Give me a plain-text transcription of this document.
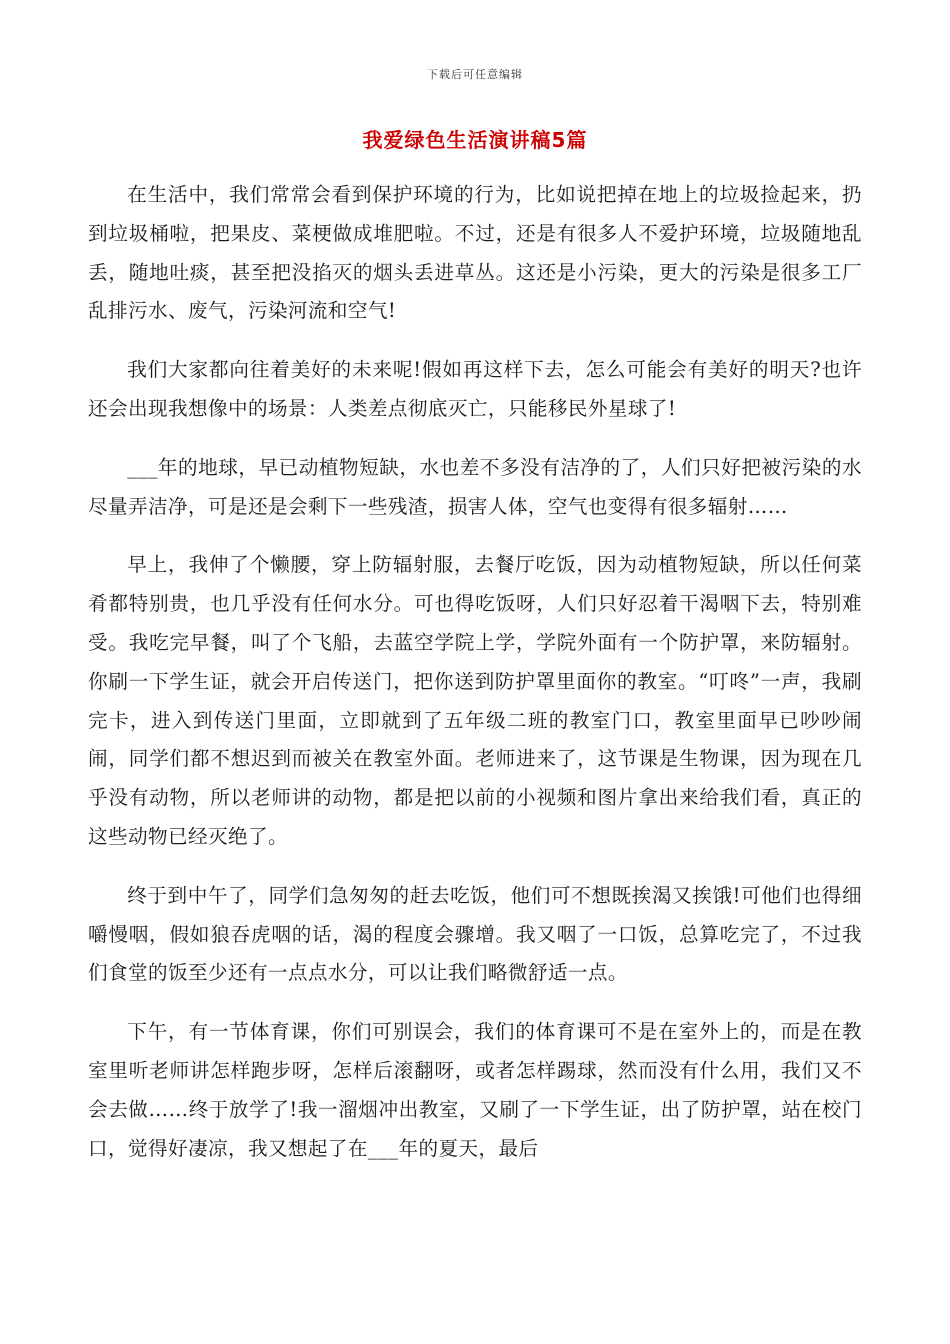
下载后可任意编辑
我爱绿色生活演讲稿5篇

在生活中，我们常常会看到保护环境的行为，比如说把掉在地上的垃圾捡起来，扔到垃圾桶啦，把果皮、菜梗做成堆肥啦。不过，还是有很多人不爱护环境，垃圾随地乱丢，随地吐痰，甚至把没掐灭的烟头丢进草丛。这还是小污染，更大的污染是很多工厂乱排污水、废气，污染河流和空气!

我们大家都向往着美好的未来呢!假如再这样下去，怎么可能会有美好的明天?也许还会出现我想像中的场景：人类差点彻底灭亡，只能移民外星球了!

___年的地球，早已动植物短缺，水也差不多没有洁净的了，人们只好把被污染的水尽量弄洁净，可是还是会剩下一些残渣，损害人体，空气也变得有很多辐射……

早上，我伸了个懒腰，穿上防辐射服，去餐厅吃饭，因为动植物短缺，所以任何菜肴都特别贵，也几乎没有任何水分。可也得吃饭呀，人们只好忍着干渴咽下去，特别难受。我吃完早餐，叫了个飞船，去蓝空学院上学，学院外面有一个防护罩，来防辐射。你刷一下学生证，就会开启传送门，把你送到防护罩里面你的教室。“叮咚”一声，我刷完卡，进入到传送门里面，立即就到了五年级二班的教室门口，教室里面早已吵吵闹闹，同学们都不想迟到而被关在教室外面。老师进来了，这节课是生物课，因为现在几乎没有动物，所以老师讲的动物，都是把以前的小视频和图片拿出来给我们看，真正的这些动物已经灭绝了。

终于到中午了，同学们急匆匆的赶去吃饭，他们可不想既挨渴又挨饿!可他们也得细嚼慢咽，假如狼吞虎咽的话，渴的程度会骤增。我又咽了一口饭，总算吃完了，不过我们食堂的饭至少还有一点点水分，可以让我们略微舒适一点。

下午，有一节体育课，你们可别误会，我们的体育课可不是在室外上的，而是在教室里听老师讲怎样跑步呀，怎样后滚翻呀，或者怎样踢球，然而没有什么用，我们又不会去做……终于放学了!我一溜烟冲出教室，又刷了一下学生证，出了防护罩，站在校门口，觉得好凄凉，我又想起了在___年的夏天，最后
